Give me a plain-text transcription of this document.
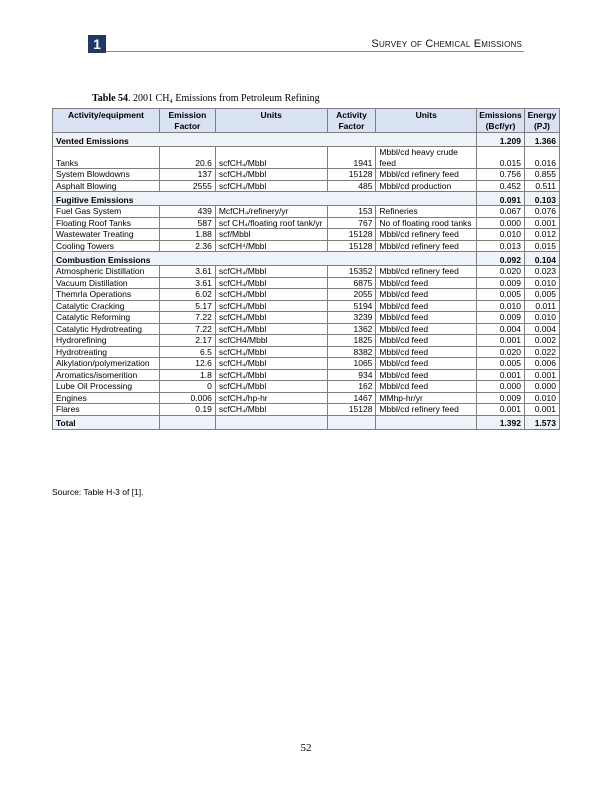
1	Survey of Chemical Emissions
Table 54. 2001 CH₄ Emissions from Petroleum Refining
Activity/equipment	Emission Factor	Units	Activity Factor	Units	Emissions (Bcf/yr)	Energy (PJ)
Vented Emissions					1.209	1.366
Tanks	20.6	scfCH₄/Mbbl	1941	Mbbl/cd heavy crude feed	0.015	0.016
System Blowdowns	137	scfCH₄/Mbbl	15128	Mbbl/cd refinery feed	0.756	0.855
Asphalt Blowing	2555	scfCH₄/Mbbl	485	Mbbl/cd production	0.452	0.511
Fugitive Emissions					0.091	0.103
Fuel Gas System	439	McfCH₄/refinery/yr	153	Refineries	0.067	0.076
Floating Roof Tanks	587	scf CH₄/floating roof tank/yr	767	No of floating rood tanks	0.000	0.001
Wastewater Treating	1.88	scf/Mbbl	15128	Mbbl/cd refinery feed	0.010	0.012
Cooling Towers	2.36	scfCH⁴/Mbbl	15128	Mbbl/cd refinery feed	0.013	0.015
Combustion Emissions					0.092	0.104
Atmospheric Distillation	3.61	scfCH₄/Mbbl	15352	Mbbl/cd refinery feed	0.020	0.023
Vacuum Distillation	3.61	scfCH₄/Mbbl	6875	Mbbl/cd feed	0.009	0.010
Themrla Operations	6.02	scfCH₄/Mbbl	2055	Mbbl/cd feed	0.005	0.005
Catalytic Cracking	5.17	scfCH₄/Mbbl	5194	Mbbl/cd feed	0.010	0.011
Catalytic Reforming	7.22	scfCH₄/Mbbl	3239	Mbbl/cd feed	0.009	0.010
Catalytic Hydrotreating	7.22	scfCH₄/Mbbl	1362	Mbbl/cd feed	0.004	0.004
Hydrorefining	2.17	scfCH4/Mbbl	1825	Mbbl/cd feed	0.001	0.002
Hydrotreating	6.5	scfCH₄/Mbbl	8382	Mbbl/cd feed	0.020	0.022
Alkylation/polymerization	12.6	scfCH₄/Mbbl	1065	Mbbl/cd feed	0.005	0.006
Aromatics/isomerition	1.8	scfCH₄/Mbbl	934	Mbbl/cd feed	0.001	0.001
Lube Oil Processing	0	scfCH₄/Mbbl	162	Mbbl/cd feed	0.000	0.000
Engines	0.006	scfCH₄/hp-hr	1467	MMhp-hr/yr	0.009	0.010
Flares	0.19	scfCH₄/Mbbl	15128	Mbbl/cd refinery feed	0.001	0.001
Total					1.392	1.573
Source: Table H-3 of [1].
52
